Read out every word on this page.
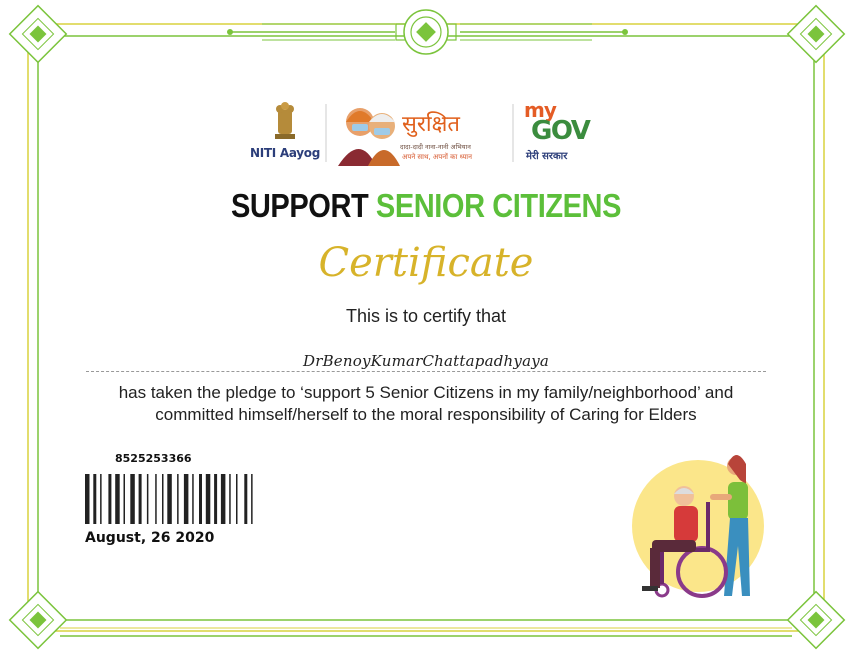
NITI Aayog
सुरक्षित
दादा-दादी नाना-नानी अभियान
अपने साथ, अपनों का ध्यान
my
GOV
मेरी सरकार
SUPPORT SENIOR CITIZENS
Certificate
This is to certify that
DrBenoyKumarChattapadhyaya
has taken the pledge to ‘support 5 Senior Citizens in my family/neighborhood’ and
committed himself/herself to the moral responsibility of Caring for Elders
8525253366
August, 26 2020
